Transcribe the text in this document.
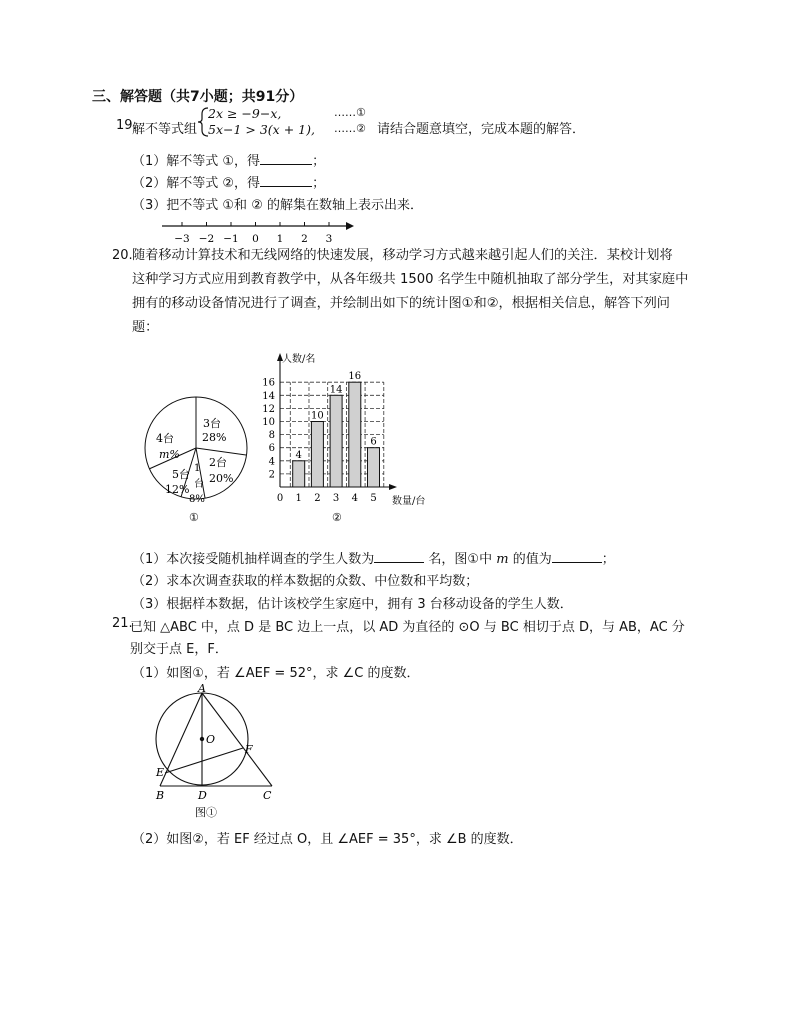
三、解答题（共7小题；共91分）
19.
解不等式组
2x ≥ −9−x,
5x−1 > 3(x + 1),
……①
……② 请结合题意填空，完成本题的解答．
（1）解不等式 ①，得	；
（2）解不等式 ②，得	；
（3）把不等式 ①和 ② 的解集在数轴上表示出来．
−3 −2 −1 0 1 2 3
20. 随着移动计算技术和无线网络的快速发展，移动学习方式越来越引起人们的关注．某校计划将
这种学习方式应用到教育教学中，从各年级共 1500 名学生中随机抽取了部分学生，对其家庭中
拥有的移动设备情况进行了调查，并绘制出如下的统计图①和②，根据相关信息，解答下列问
题：
4台
m%
3台
28%
2台
20%
5台
12%
1
台
8%
①
4
10
14
16
6
2
4
6
8
10
12
14
16
0 1 2 3 4 5
人数/名
数量/台
②
（1）本次接受随机抽样调查的学生人数为	名，图①中 m 的值为	；
（2）求本次调查获取的样本数据的众数、中位数和平均数；
（3）根据样本数据，估计该校学生家庭中，拥有 3 台移动设备的学生人数．
21.
已知 △ABC 中，点 D 是 BC 边上一点，以 AD 为直径的 ⊙O 与 BC 相切于点 D，与 AB，AC 分
别交于点 E，F．
（1）如图①，若 ∠AEF = 52°，求 ∠C 的度数．
A
O
F
E
B	D	C
图①
（2）如图②，若 EF 经过点 O，且 ∠AEF = 35°，求 ∠B 的度数．
